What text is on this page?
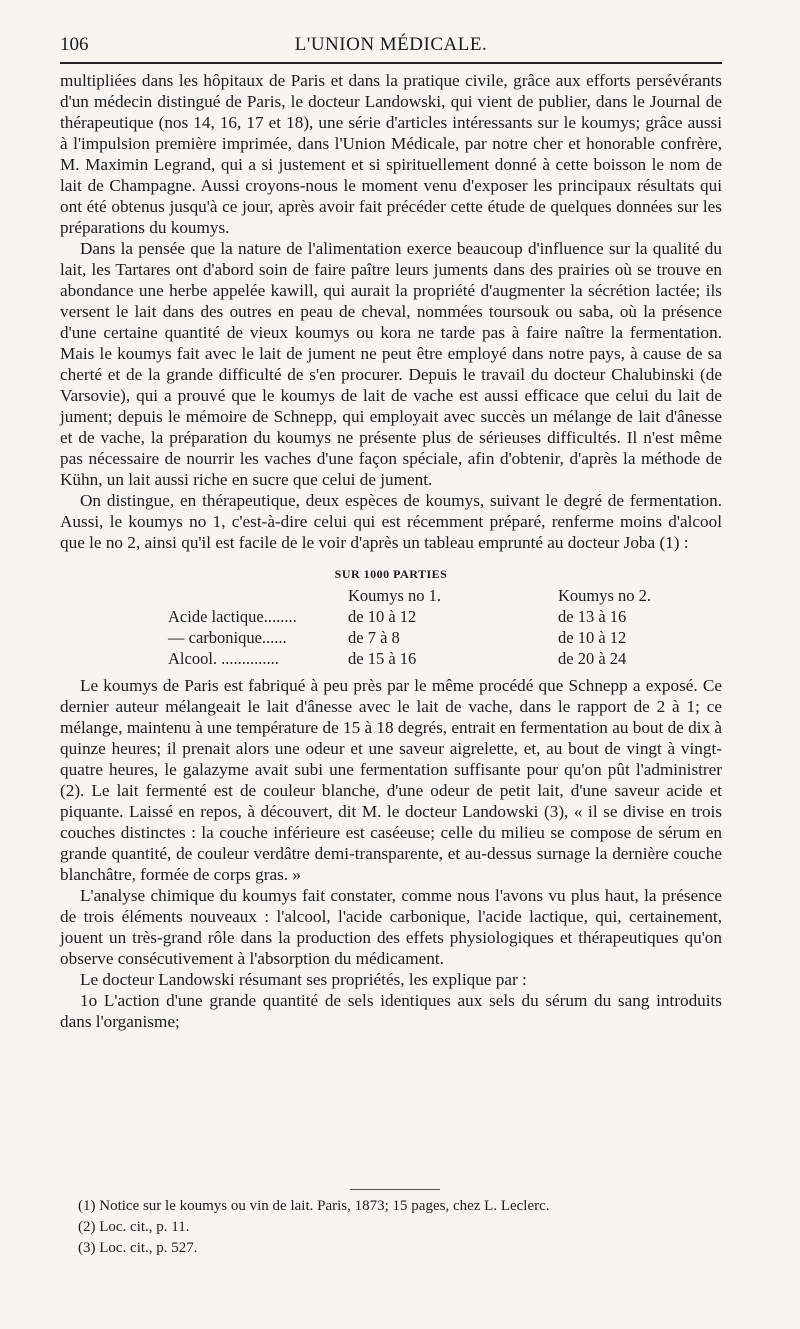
106	L'UNION MÉDICALE.

multipliées dans les hôpitaux de Paris et dans la pratique civile, grâce aux efforts persévérants d'un médecin distingué de Paris, le docteur Landowski, qui vient de publier, dans le Journal de thérapeutique (nos 14, 16, 17 et 18), une série d'articles intéressants sur le koumys; grâce aussi à l'impulsion première imprimée, dans l'Union Médicale, par notre cher et honorable confrère, M. Maximin Legrand, qui a si justement et si spirituellement donné à cette boisson le nom de lait de Champagne. Aussi croyons-nous le moment venu d'exposer les principaux résultats qui ont été obtenus jusqu'à ce jour, après avoir fait précéder cette étude de quelques données sur les préparations du koumys.

Dans la pensée que la nature de l'alimentation exerce beaucoup d'influence sur la qualité du lait, les Tartares ont d'abord soin de faire paître leurs juments dans des prairies où se trouve en abondance une herbe appelée kawill, qui aurait la propriété d'augmenter la sécrétion lactée; ils versent le lait dans des outres en peau de cheval, nommées toursouk ou saba, où la présence d'une certaine quantité de vieux koumys ou kora ne tarde pas à faire naître la fermentation. Mais le koumys fait avec le lait de jument ne peut être employé dans notre pays, à cause de sa cherté et de la grande difficulté de s'en procurer. Depuis le travail du docteur Chalubinski (de Varsovie), qui a prouvé que le koumys de lait de vache est aussi efficace que celui du lait de jument; depuis le mémoire de Schnepp, qui employait avec succès un mélange de lait d'ânesse et de vache, la préparation du koumys ne présente plus de sérieuses difficultés. Il n'est même pas nécessaire de nourrir les vaches d'une façon spéciale, afin d'obtenir, d'après la méthode de Kühn, un lait aussi riche en sucre que celui de jument.

On distingue, en thérapeutique, deux espèces de koumys, suivant le degré de fermentation. Aussi, le koumys no 1, c'est-à-dire celui qui est récemment préparé, renferme moins d'alcool que le no 2, ainsi qu'il est facile de le voir d'après un tableau emprunté au docteur Joba (1) :

SUR 1000 PARTIES
	Koumys no 1.	Koumys no 2.
Acide lactique........	de 10 à 12	de 13 à 16
— carbonique......	de 7 à 8	de 10 à 12
Alcool. ..............	de 15 à 16	de 20 à 24

Le koumys de Paris est fabriqué à peu près par le même procédé que Schnepp a exposé. Ce dernier auteur mélangeait le lait d'ânesse avec le lait de vache, dans le rapport de 2 à 1; ce mélange, maintenu à une température de 15 à 18 degrés, entrait en fermentation au bout de dix à quinze heures; il prenait alors une odeur et une saveur aigrelette, et, au bout de vingt à vingt-quatre heures, le galazyme avait subi une fermentation suffisante pour qu'on pût l'administrer (2). Le lait fermenté est de couleur blanche, d'une odeur de petit lait, d'une saveur acide et piquante. Laissé en repos, à découvert, dit M. le docteur Landowski (3), « il se divise en trois couches distinctes : la couche inférieure est caséeuse; celle du milieu se compose de sérum en grande quantité, de couleur verdâtre demi-transparente, et au-dessus surnage la dernière couche blanchâtre, formée de corps gras. »

L'analyse chimique du koumys fait constater, comme nous l'avons vu plus haut, la présence de trois éléments nouveaux : l'alcool, l'acide carbonique, l'acide lactique, qui, certainement, jouent un très-grand rôle dans la production des effets physiologiques et thérapeutiques qu'on observe consécutivement à l'absorption du médicament.

Le docteur Landowski résumant ses propriétés, les explique par :

1o L'action d'une grande quantité de sels identiques aux sels du sérum du sang introduits dans l'organisme;

(1) Notice sur le koumys ou vin de lait. Paris, 1873; 15 pages, chez L. Leclerc.
(2) Loc. cit., p. 11.
(3) Loc. cit., p. 527.
